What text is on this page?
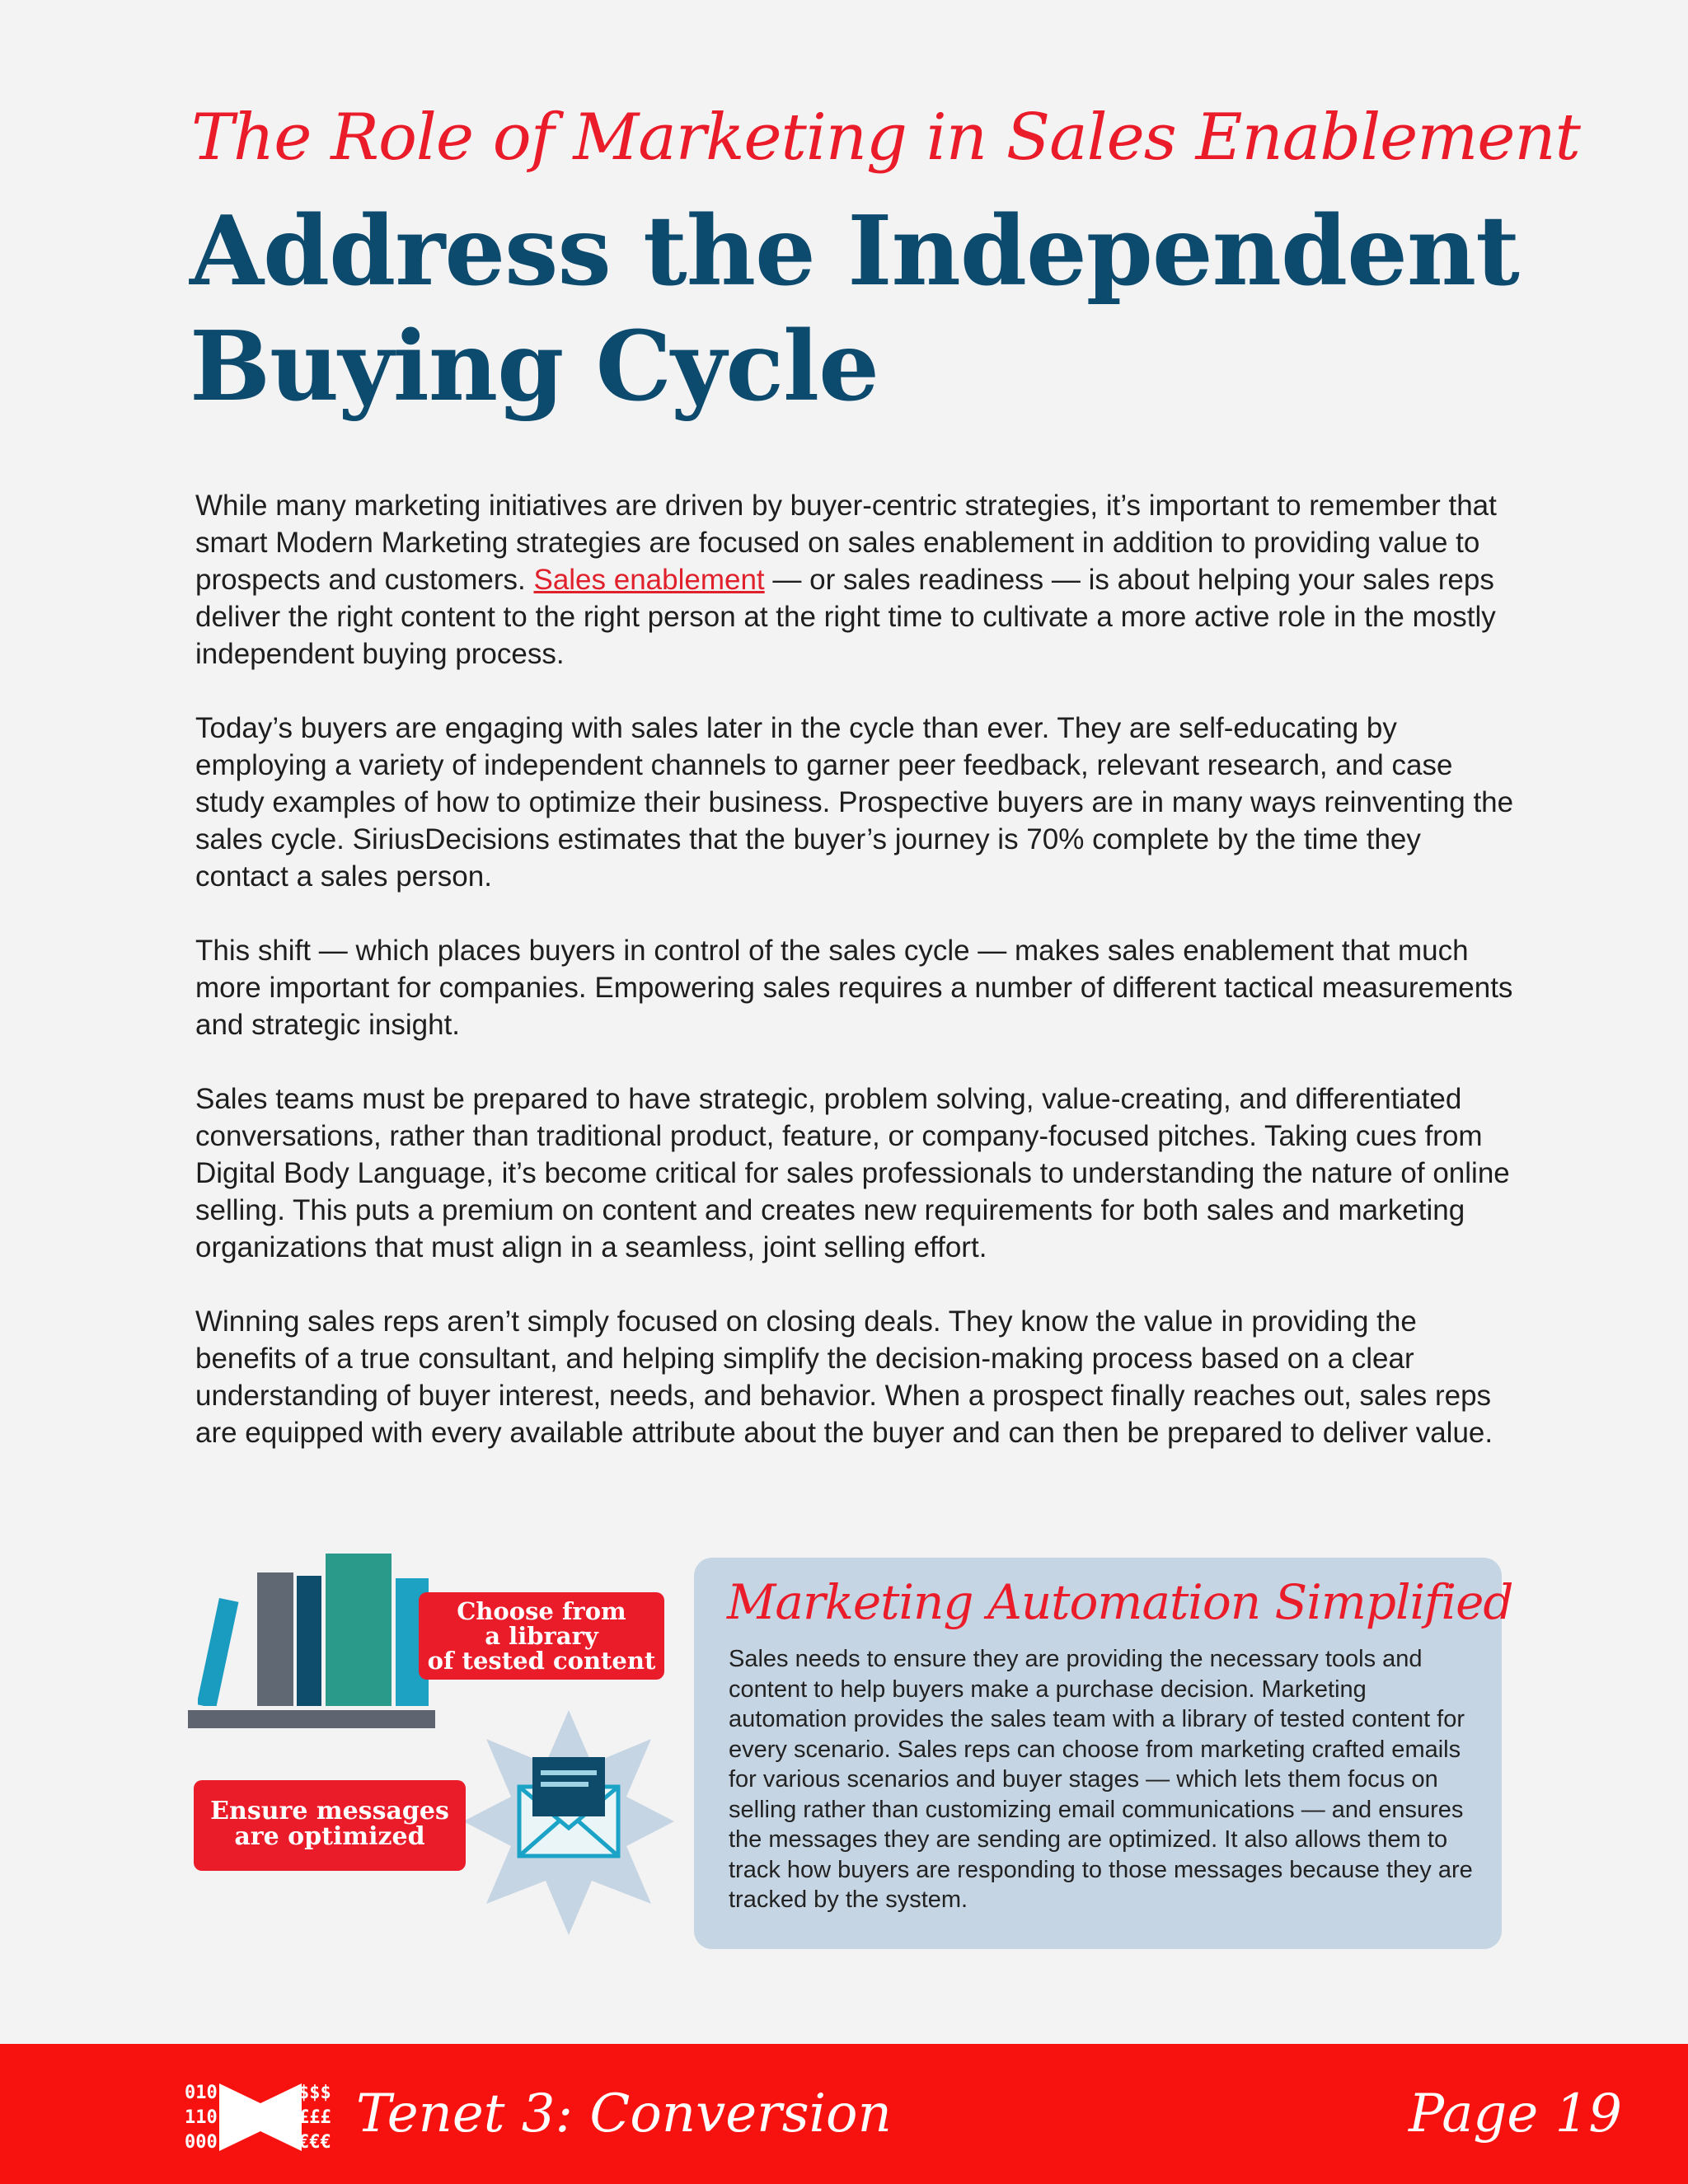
The Role of Marketing in Sales Enablement
Address the Independent
Buying Cycle

While many marketing initiatives are driven by buyer-centric strategies, it’s important to remember that smart Modern Marketing strategies are focused on sales enablement in addition to providing value to prospects and customers. Sales enablement — or sales readiness — is about helping your sales reps deliver the right content to the right person at the right time to cultivate a more active role in the mostly independent buying process.

Today’s buyers are engaging with sales later in the cycle than ever. They are self-educating by employing a variety of independent channels to garner peer feedback, relevant research, and case study examples of how to optimize their business. Prospective buyers are in many ways reinventing the sales cycle. SiriusDecisions estimates that the buyer’s journey is 70% complete by the time they contact a sales person.

This shift — which places buyers in control of the sales cycle — makes sales enablement that much more important for companies. Empowering sales requires a number of different tactical measurements and strategic insight.

Sales teams must be prepared to have strategic, problem solving, value-creating, and differentiated conversations, rather than traditional product, feature, or company-focused pitches. Taking cues from Digital Body Language, it’s become critical for sales professionals to understanding the nature of online selling. This puts a premium on content and creates new requirements for both sales and marketing organizations that must align in a seamless, joint selling effort.

Winning sales reps aren’t simply focused on closing deals. They know the value in providing the benefits of a true consultant, and helping simplify the decision-making process based on a clear understanding of buyer interest, needs, and behavior. When a prospect finally reaches out, sales reps are equipped with every available attribute about the buyer and can then be prepared to deliver value.

Choose from
a library
of tested content
Ensure messages
are optimized
Marketing Automation Simplified
Sales needs to ensure they are providing the necessary tools and content to help buyers make a purchase decision. Marketing automation provides the sales team with a library of tested content for every scenario. Sales reps can choose from marketing crafted emails for various scenarios and buyer stages — which lets them focus on selling rather than customizing email communications — and ensures the messages they are sending are optimized. It also allows them to track how buyers are responding to those messages because they are tracked by the system.
010
110
000
$$$
£££
€€€ Tenet 3: Conversion	Page 19
